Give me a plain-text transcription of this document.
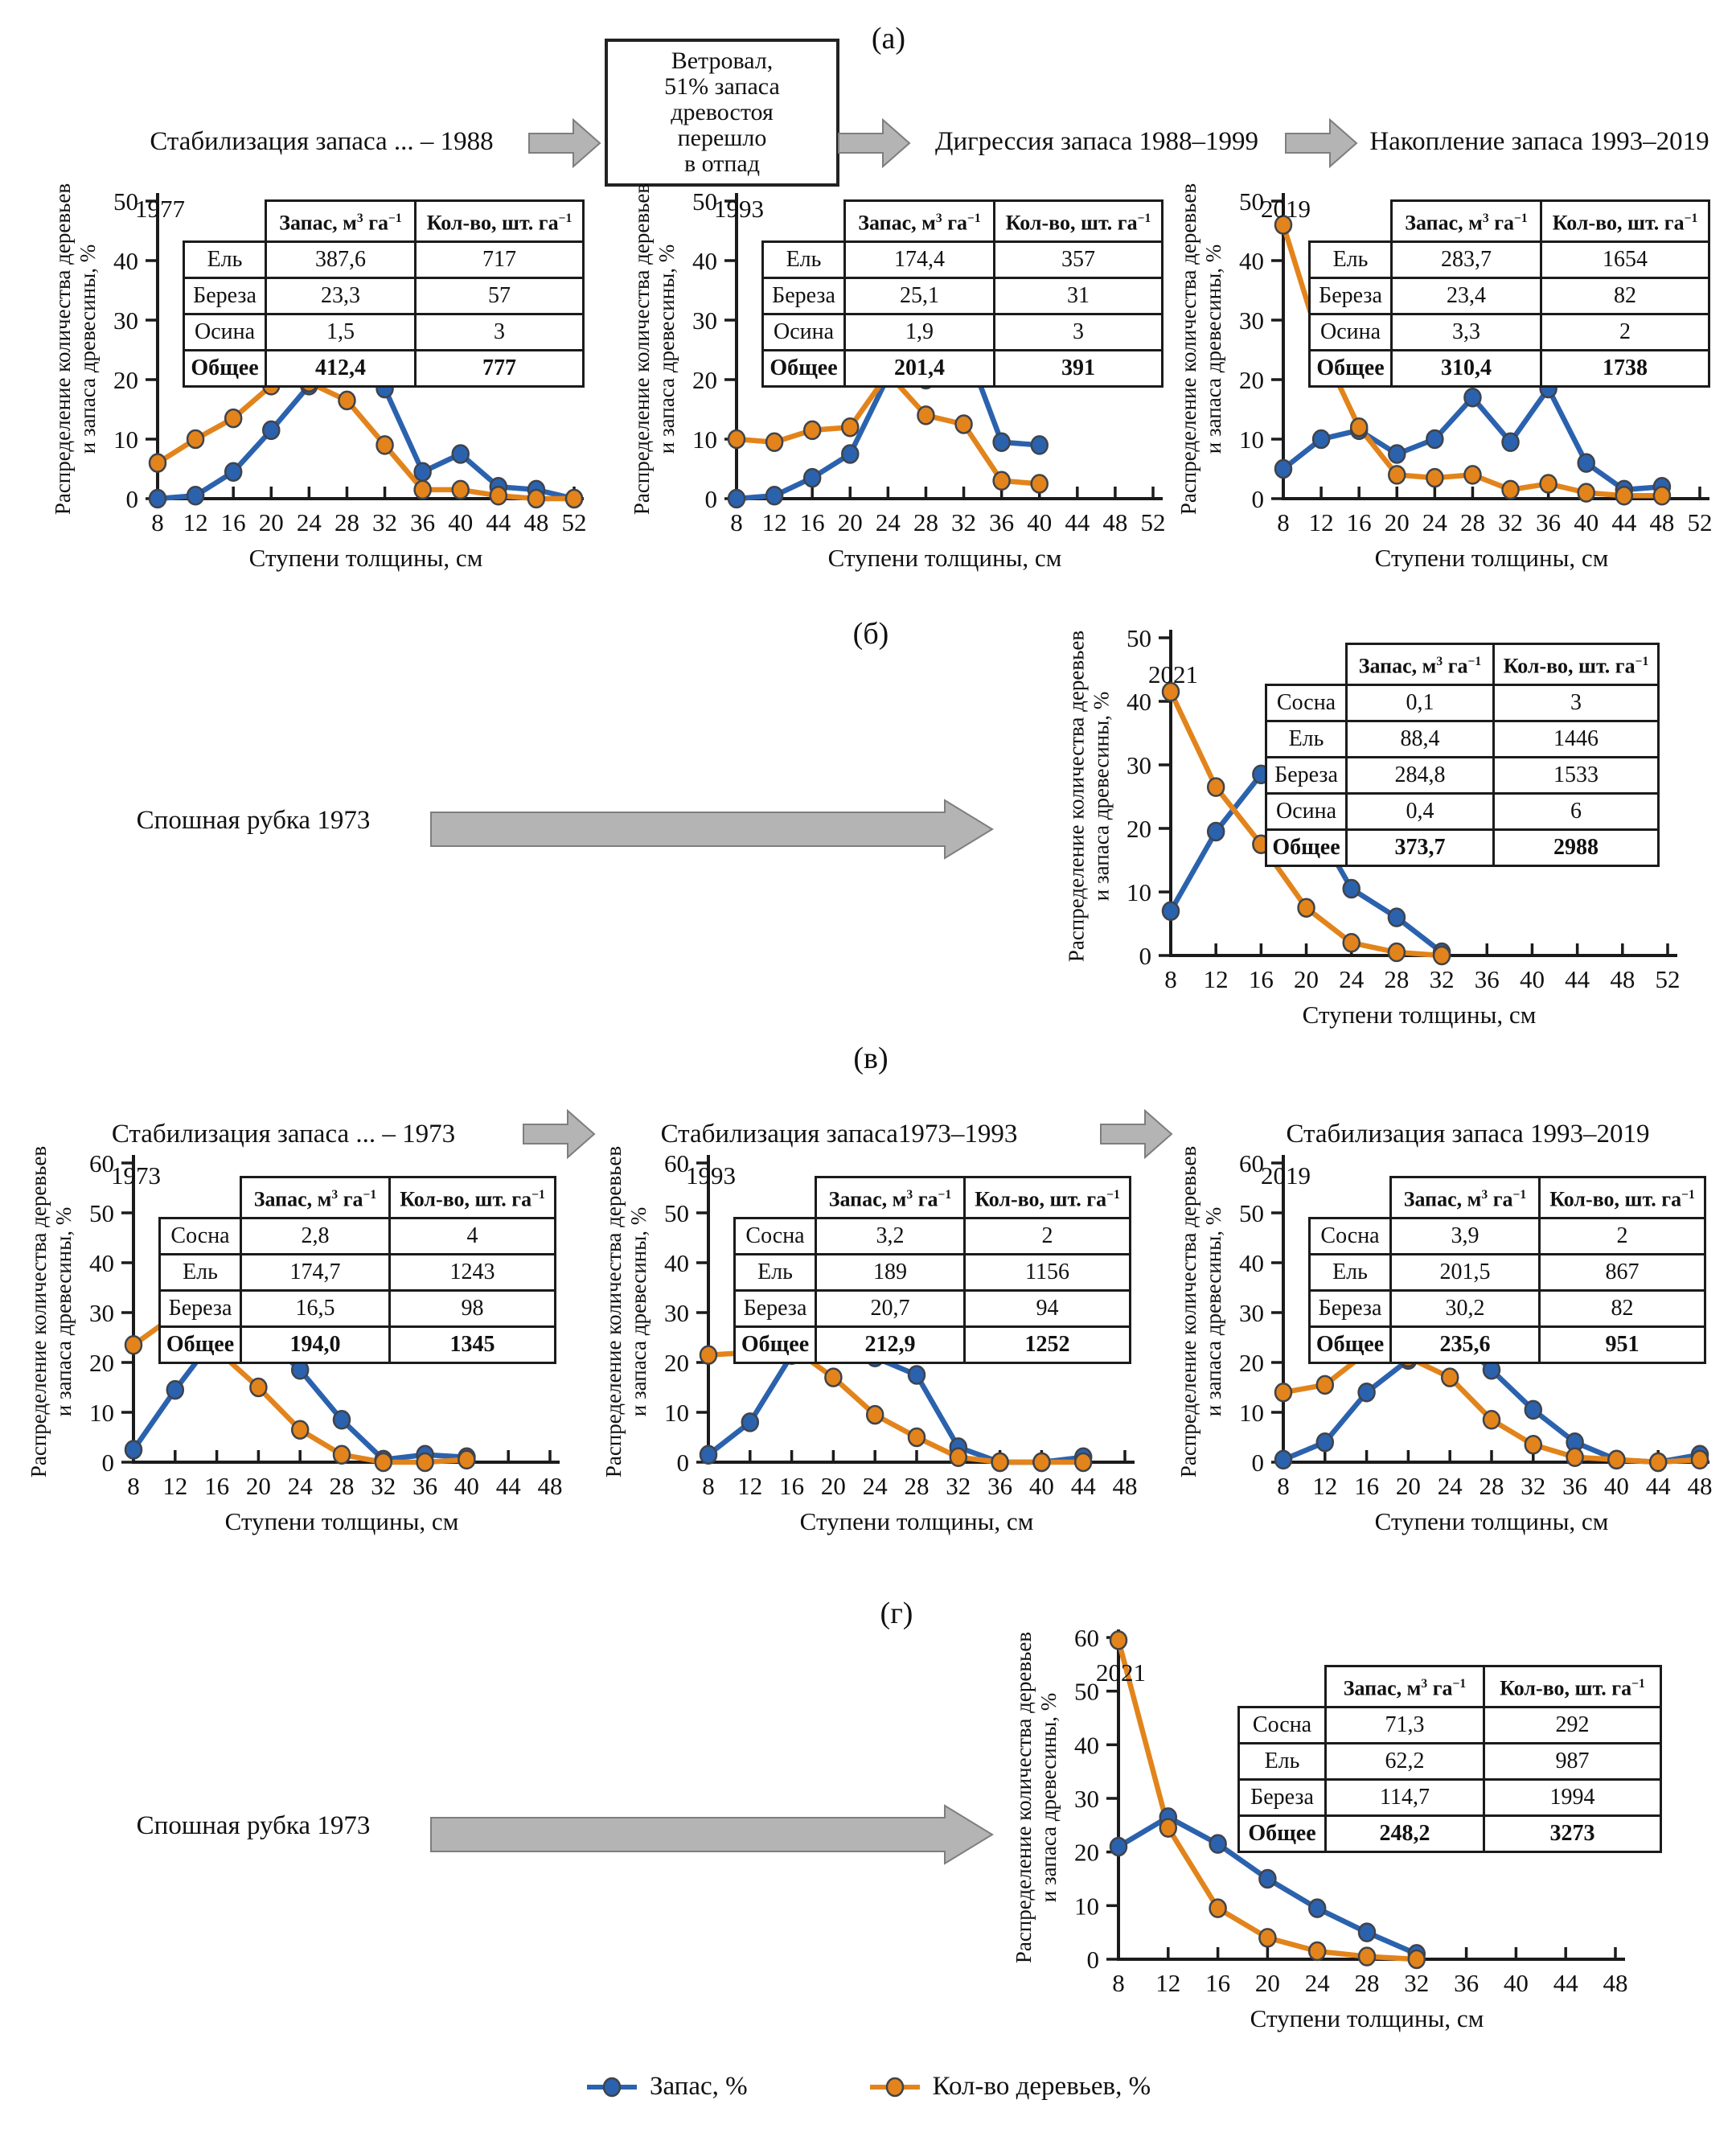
(а)
Стабилизация запаса ... – 1988
Ветровал,
51% запаса
древостоя
перешло
в отпад
Дигрессия запаса 1988–1999	Накопление запаса 1993–2019
0
10
20
30
40
50
8 12 16 20 24 28 32 36 40 44 48 52
Распределение количества деревьев и запаса древесины, %
1977
	Запас, $м^3$ $га^{-1}$	Кол-во, шт. $га^{-1}$
Ель	387,6	717
Береза	23,3	57
Осина	1,5	3
Общее	412,4	777
Ступени толщины, см
0
10
20
30
40
50
8 12 16 20 24 28 32 36 40 44 48 52
Распределение количества деревьев и запаса древесины, %
1993
	Запас, $м^3$ $га^{-1}$	Кол-во, шт. $га^{-1}$
Ель	174,4	357
Береза	25,1	31
Осина	1,9	3
Общее	201,4	391
Ступени толщины, см
0
10
20
30
40
50
8 12 16 20 24 28 32 36 40 44 48 52
Распределение количества деревьев и запаса древесины, %
2019
	Запас, $м^3$ $га^{-1}$	Кол-во, шт. $га^{-1}$
Ель	283,7	1654
Береза	23,4	82
Осина	3,3	2
Общее	310,4	1738
Ступени толщины, см
(б)
Спошная рубка 1973
0
10
20
30
40
50
8 12 16 20 24 28 32 36 40 44 48 52
Распределение количества деревьев и запаса древесины, %
2021
		Запас, $м^3$ $га^{-1}$	Кол-во, шт. $га^{-1}$
Сосна	0,1	3
Ель	88,4	1446
Береза	284,8	1533
Осина	0,4	6
Общее	373,7	2988
Ступени толщины, см
(в)
Стабилизация запаса ... – 1973	Стабилизация запаса1973–1993	Стабилизация запаса 1993–2019
0
10
20
30
40
50
60
8 12 16 20 24 28 32 36 40 44 48
Распределение количества деревьев и запаса древесины, %
1973
	Запас, $м^3$ $га^{-1}$	Кол-во, шт. $га^{-1}$
Сосна	2,8	4
Ель	174,7	1243
Береза	16,5	98
Общее	194,0	1345
Ступени толщины, см
0
10
20
30
40
50
60
8 12 16 20 24 28 32 36 40 44 48
Распределение количества деревьев и запаса древесины, %
1993
	Запас, $м^3$ $га^{-1}$	Кол-во, шт. $га^{-1}$
Сосна	3,2	2
Ель	189	1156
Береза	20,7	94
Общее	212,9	1252
Ступени толщины, см
0
10
20
30
40
50
60
8 12 16 20 24 28 32 36 40 44 48
Распределение количества деревьев и запаса древесины, %
2019
	Запас, $м^3$ $га^{-1}$	Кол-во, шт. $га^{-1}$
Сосна	3,9	2
Ель	201,5	867
Береза	30,2	82
Общее	235,6	951
Ступени толщины, см
(г)
Спошная рубка 1973
0
10
20
30
40
50
60
8 12 16 20 24 28 32 36 40 44 48
Распределение количества деревьев и запаса древесины, %
2021
	Запас, $м^3$ $га^{-1}$	Кол-во, шт. $га^{-1}$
Сосна	71,3	292
Ель	62,2	987
Береза	114,7	1994
Общее	248,2	3273
Ступени толщины, см
Запас, %	Кол-во деревьев, %
